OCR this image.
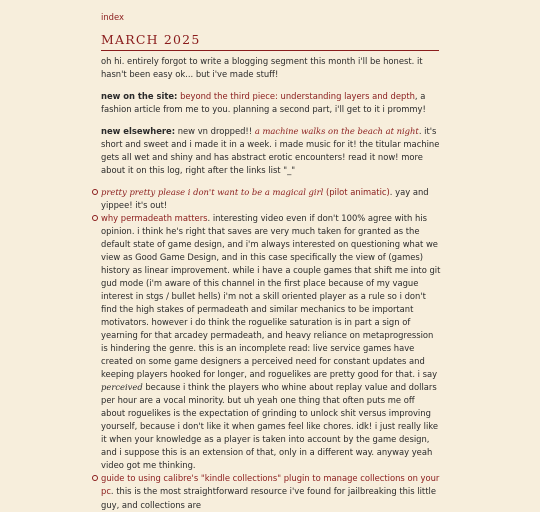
index
MARCH 2025

oh hi. entirely forgot to write a blogging segment this month i'll be honest. it hasn't been easy ok... but i've made stuff!

new on the site: beyond the third piece: understanding layers and depth, a fashion article from me to you. planning a second part, i'll get to it i prommy!

new elsewhere: new vn dropped!! a machine walks on the beach at night. it's short and sweet and i made it in a week. i made music for it! the titular machine gets all wet and shiny and has abstract erotic encounters! read it now! more about it on this log, right after the links list "_"

pretty pretty please i don't want to be a magical girl (pilot animatic). yay and yippee! it's out!
why permadeath matters. interesting video even if don't 100% agree with his opinion. i think he's right that saves are very much taken for granted as the default state of game design, and i'm always interested on questioning what we view as Good Game Design, and in this case specifically the view of (games) history as linear improvement. while i have a couple games that shift me into git gud mode (i'm aware of this channel in the first place because of my vague interest in stgs / bullet hells) i'm not a skill oriented player as a rule so i don't find the high stakes of permadeath and similar mechanics to be important motivators. however i do think the roguelike saturation is in part a sign of yearning for that arcadey permadeath, and heavy reliance on metaprogression is hindering the genre. this is an incomplete read: live service games have created on some game designers a perceived need for constant updates and keeping players hooked for longer, and roguelikes are pretty good for that. i say perceived because i think the players who whine about replay value and dollars per hour are a vocal minority. but uh yeah one thing that often puts me off about roguelikes is the expectation of grinding to unlock shit versus improving yourself, because i don't like it when games feel like chores. idk! i just really like it when your knowledge as a player is taken into account by the game design, and i suppose this is an extension of that, only in a different way. anyway yeah video got me thinking.
guide to using calibre's "kindle collections" plugin to manage collections on your pc. this is the most straightforward resource i've found for jailbreaking this little guy, and collections are
